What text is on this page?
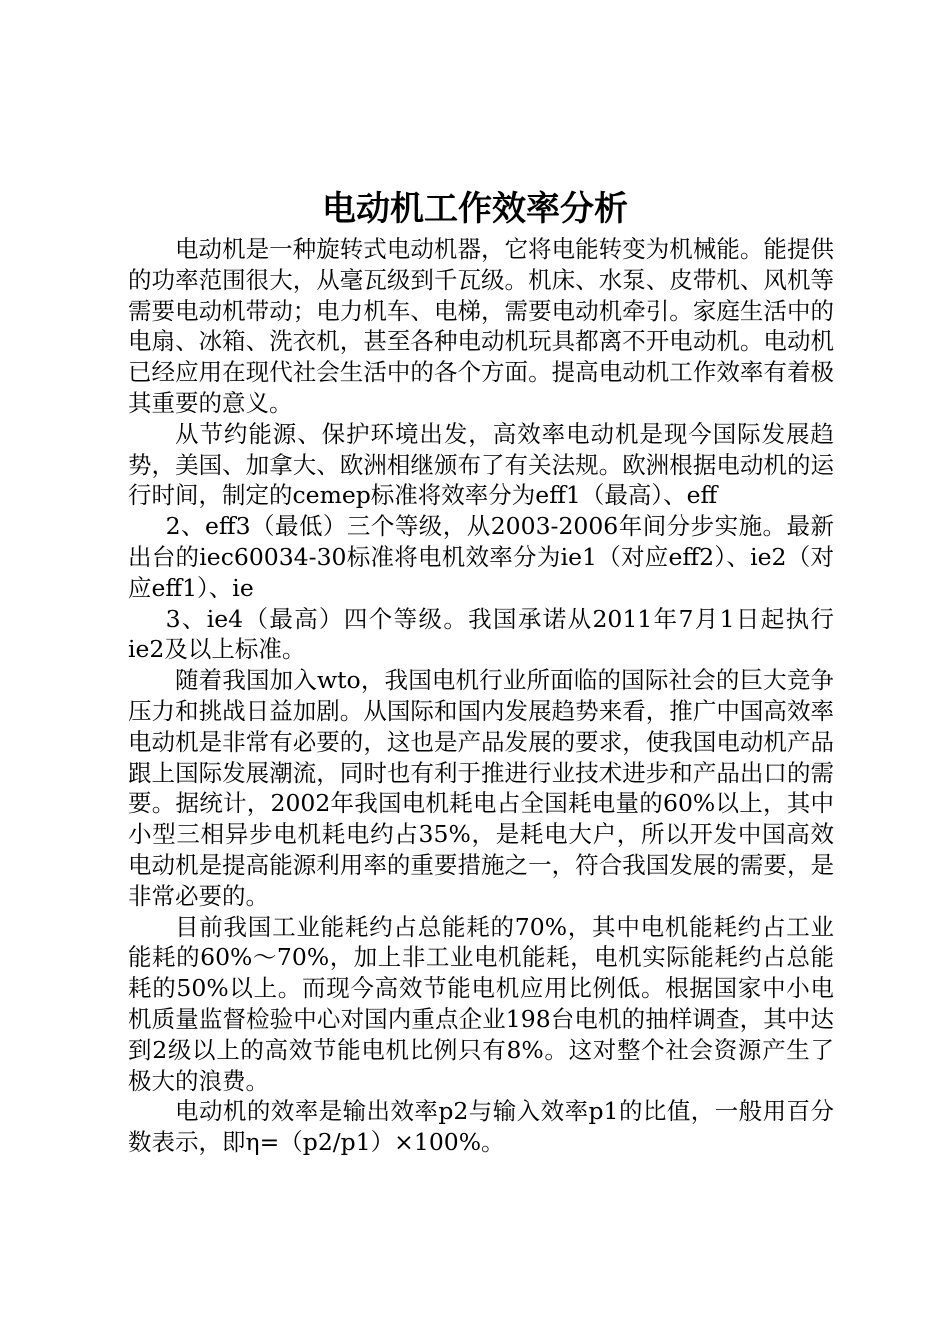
电动机工作效率分析

电动机是一种旋转式电动机器，它将电能转变为机械能。能提供的功率范围很大，从毫瓦级到千瓦级。机床、水泵、皮带机、风机等需要电动机带动；电力机车、电梯，需要电动机牵引。家庭生活中的电扇、冰箱、洗衣机，甚至各种电动机玩具都离不开电动机。电动机已经应用在现代社会生活中的各个方面。提高电动机工作效率有着极其重要的意义。

从节约能源、保护环境出发，高效率电动机是现今国际发展趋势，美国、加拿大、欧洲相继颁布了有关法规。欧洲根据电动机的运行时间，制定的cemep标准将效率分为eff1（最高）、eff

2、eff3（最低）三个等级，从2003-2006年间分步实施。最新出台的iec60034-30标准将电机效率分为ie1（对应eff2）、ie2（对应eff1）、ie

3、ie4（最高）四个等级。我国承诺从2011年7月1日起执行ie2及以上标准。

随着我国加入wto，我国电机行业所面临的国际社会的巨大竞争压力和挑战日益加剧。从国际和国内发展趋势来看，推广中国高效率电动机是非常有必要的，这也是产品发展的要求，使我国电动机产品跟上国际发展潮流，同时也有利于推进行业技术进步和产品出口的需要。据统计，2002年我国电机耗电占全国耗电量的60%以上，其中小型三相异步电机耗电约占35%，是耗电大户，所以开发中国高效电动机是提高能源利用率的重要措施之一，符合我国发展的需要，是非常必要的。

目前我国工业能耗约占总能耗的70%，其中电机能耗约占工业能耗的60%～70%，加上非工业电机能耗，电机实际能耗约占总能耗的50%以上。而现今高效节能电机应用比例低。根据国家中小电机质量监督检验中心对国内重点企业198台电机的抽样调查，其中达到2级以上的高效节能电机比例只有8%。这对整个社会资源产生了极大的浪费。

电动机的效率是输出效率p2与输入效率p1的比值，一般用百分数表示，即η=（p2/p1）×100%。
